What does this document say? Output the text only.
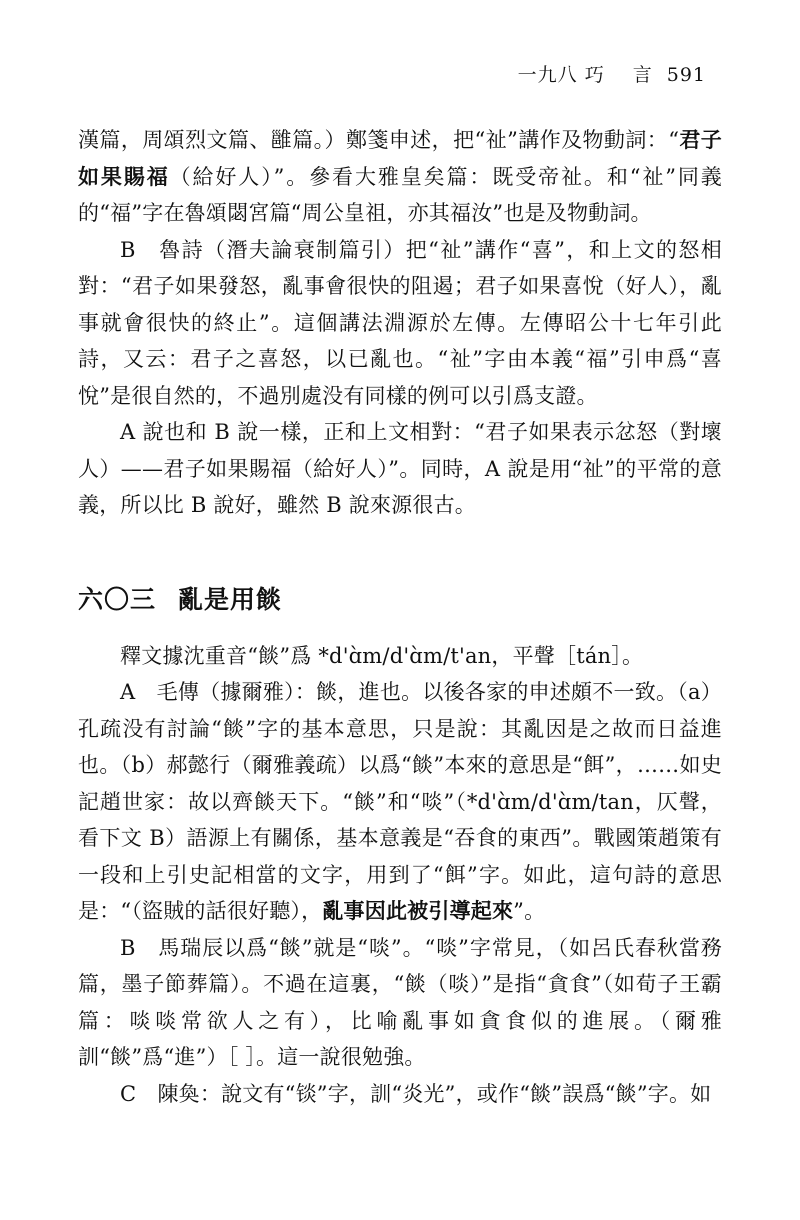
一九八 巧 言 591

漢篇，周頌烈文篇、雝篇。）鄭箋申述，把“祉”講作及物動詞：“君子如果賜福（給好人）”。參看大雅皇矣篇：既受帝祉。和“祉”同義的“福”字在魯頌閟宮篇“周公皇祖，亦其福汝”也是及物動詞。

B　魯詩（潛夫論衰制篇引）把“祉”講作“喜”，和上文的怒相對：“君子如果發怒，亂事會很快的阻遏；君子如果喜悅（好人），亂事就會很快的終止”。這個講法淵源於左傳。左傳昭公十七年引此詩，又云：君子之喜怒，以已亂也。“祉”字由本義“福”引申爲“喜悅”是很自然的，不過別處没有同樣的例可以引爲支證。

A 說也和 B 說一樣，正和上文相對：“君子如果表示忿怒（對壞人）——君子如果賜福（給好人）”。同時，A 說是用“祉”的平常的意義，所以比 B 說好，雖然 B 說來源很古。

六〇三 亂是用餤

釋文據沈重音“餤”爲 *d'ɑ̀m/d'ɑ̀m/t'an，平聲［tán］。

A　毛傳（據爾雅）：餤，進也。以後各家的申述頗不一致。（a）孔疏没有討論“餤”字的基本意思，只是說：其亂因是之故而日益進也。（b）郝懿行（爾雅義疏）以爲“餤”本來的意思是“餌”，……如史記趙世家：故以齊餤天下。“餤”和“啖”（*d'ɑ̀m/d'ɑ̀m/tan，仄聲，看下文 B）語源上有關係，基本意義是“吞食的東西”。戰國策趙策有一段和上引史記相當的文字，用到了“餌”字。如此，這句詩的意思是：“（盜賊的話很好聽），亂事因此被引導起來”。

B　馬瑞辰以爲“餤”就是“啖”。“啖”字常見，（如呂氏春秋當務篇，墨子節葬篇）。不過在這裏，“餤（啖）”是指“貪食”（如荀子王霸篇：啖啖常欲人之有），比喻亂事如貪食似的進展。（爾雅訓“餤”爲“進”）［ ］。這一說很勉強。

C　陳奐：說文有“锬”字，訓“炎光”，或作“餤”誤爲“餤”字。如
